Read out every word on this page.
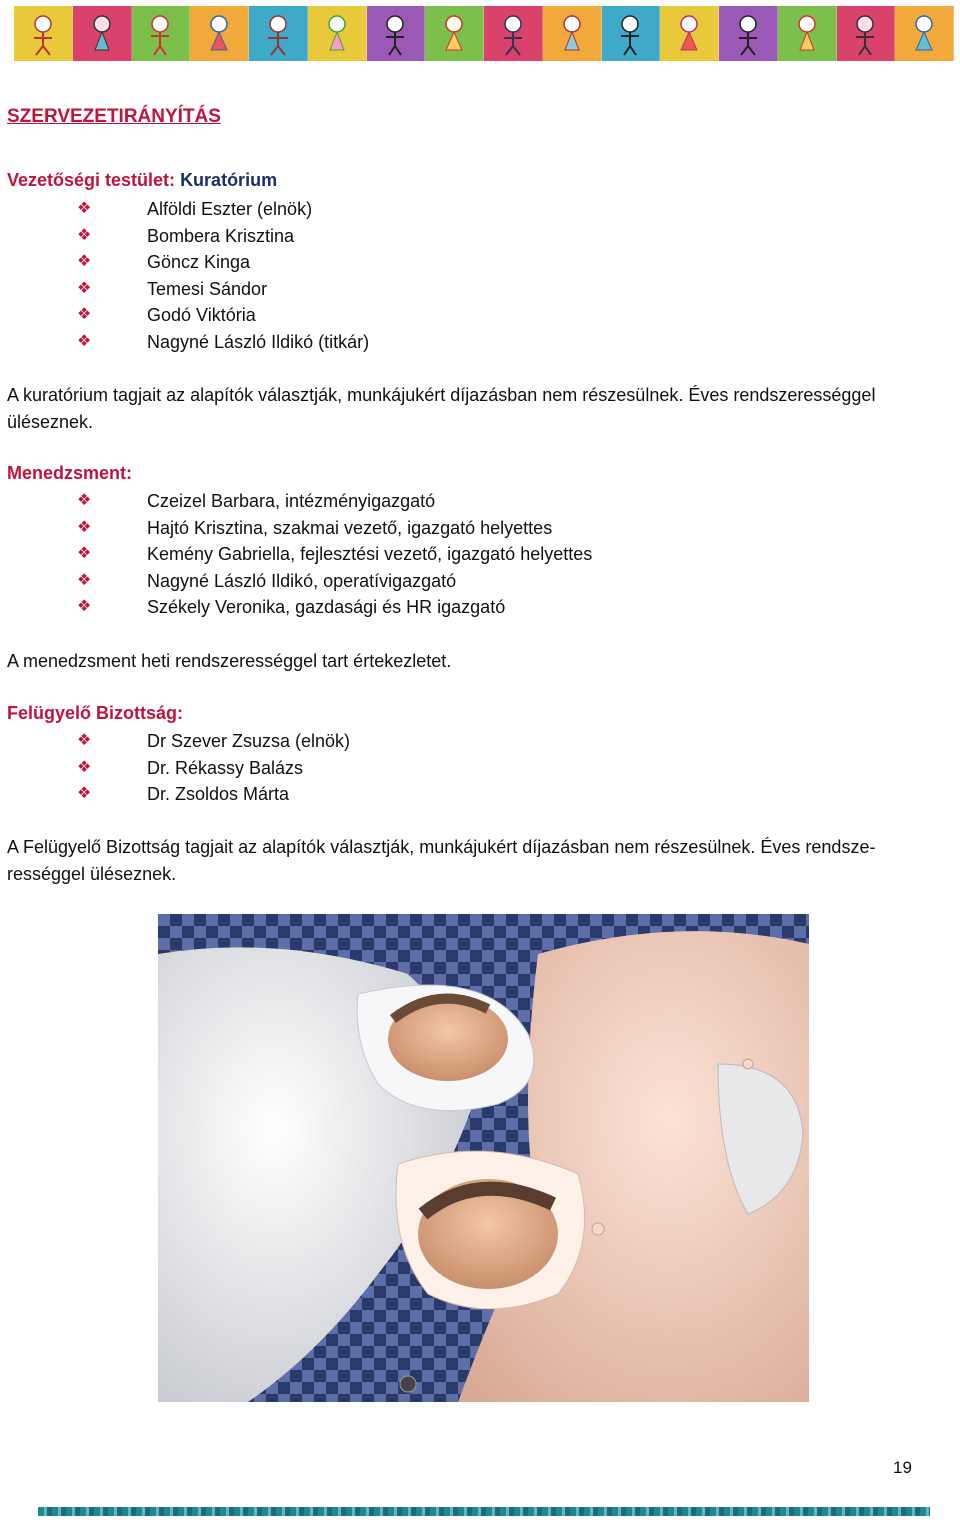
SZERVEZETIRÁNYÍTÁS
Vezetőségi testület: Kuratórium
❖	Alföldi Eszter (elnök)
❖	Bombera Krisztina
❖	Göncz Kinga
❖	Temesi Sándor
❖	Godó Viktória
❖	Nagyné László Ildikó (titkár)

A kuratórium tagjait az alapítók választják, munkájukért díjazásban nem részesülnek. Éves rendszerességgel üléseznek.

Menedzsment:
❖	Czeizel Barbara, intézményigazgató
❖	Hajtó Krisztina, szakmai vezető, igazgató helyettes
❖	Kemény Gabriella, fejlesztési vezető, igazgató helyettes
❖	Nagyné László Ildikó, operatívigazgató
❖	Székely Veronika, gazdasági és HR igazgató

A menedzsment heti rendszerességgel tart értekezletet.

Felügyelő Bizottság:
❖	Dr Szever Zsuzsa (elnök)
❖	Dr. Rékassy Balázs
❖	Dr. Zsoldos Márta

A Felügyelő Bizottság tagjait az alapítók választják, munkájukért díjazásban nem részesülnek. Éves rendsze-
rességgel üléseznek.

19
